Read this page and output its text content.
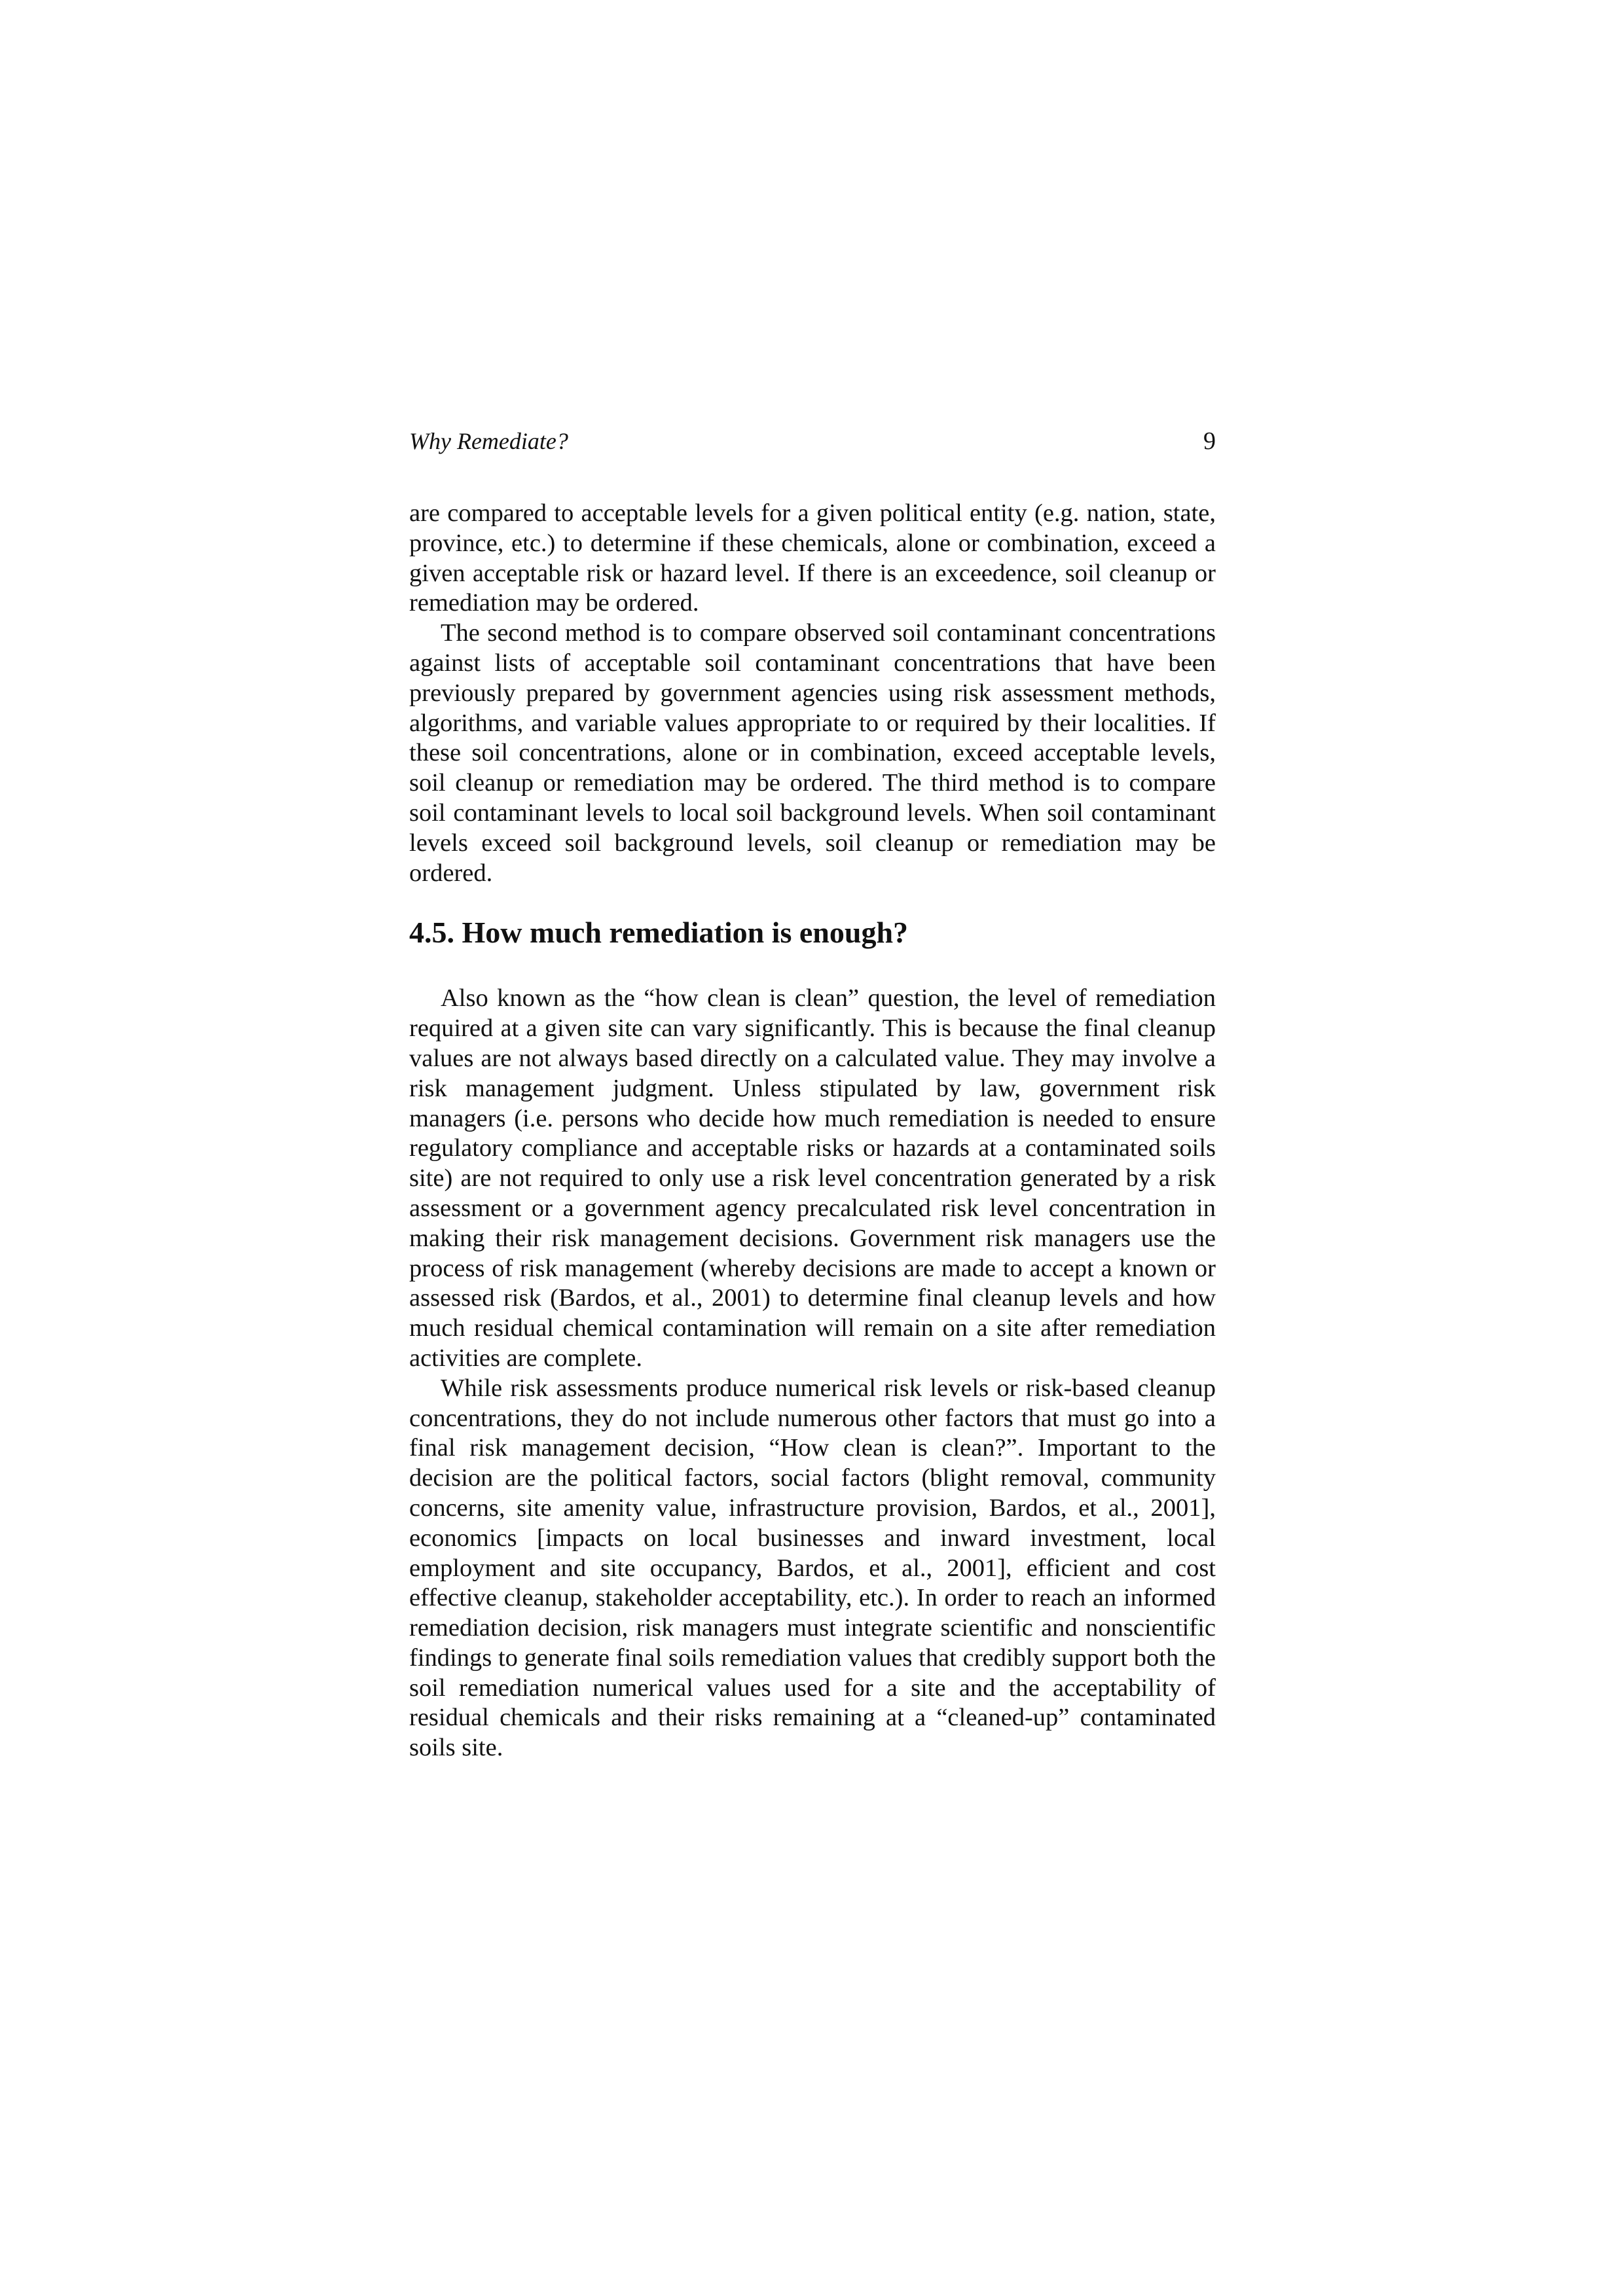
Why Remediate?	9

are compared to acceptable levels for a given political entity (e.g. nation, state, province, etc.) to determine if these chemicals, alone or combination, exceed a given acceptable risk or hazard level. If there is an exceedence, soil cleanup or remediation may be ordered.

The second method is to compare observed soil contaminant concentrations against lists of acceptable soil contaminant concentrations that have been previously prepared by government agencies using risk assessment methods, algorithms, and variable values appropriate to or required by their localities. If these soil concentrations, alone or in combination, exceed acceptable levels, soil cleanup or remediation may be ordered. The third method is to compare soil contaminant levels to local soil background levels. When soil contaminant levels exceed soil background levels, soil cleanup or remediation may be ordered.

4.5. How much remediation is enough?

Also known as the “how clean is clean” question, the level of remediation required at a given site can vary significantly. This is because the final cleanup values are not always based directly on a calculated value. They may involve a risk management judgment. Unless stipulated by law, government risk managers (i.e. persons who decide how much remediation is needed to ensure regulatory compliance and acceptable risks or hazards at a contaminated soils site) are not required to only use a risk level concentration generated by a risk assessment or a government agency precalculated risk level concentration in making their risk management decisions. Government risk managers use the process of risk management (whereby decisions are made to accept a known or assessed risk (Bardos, et al., 2001) to determine final cleanup levels and how much residual chemical contamination will remain on a site after remediation activities are complete.

While risk assessments produce numerical risk levels or risk-based cleanup concentrations, they do not include numerous other factors that must go into a final risk management decision, “How clean is clean?”. Important to the decision are the political factors, social factors (blight removal, community concerns, site amenity value, infrastructure provision, Bardos, et al., 2001], economics [impacts on local businesses and inward investment, local employment and site occupancy, Bardos, et al., 2001], efficient and cost effective cleanup, stakeholder acceptability, etc.). In order to reach an informed remediation decision, risk managers must integrate scientific and nonscientific findings to generate final soils remediation values that credibly support both the soil remediation numerical values used for a site and the acceptability of residual chemicals and their risks remaining at a “cleaned-up” contaminated soils site.
